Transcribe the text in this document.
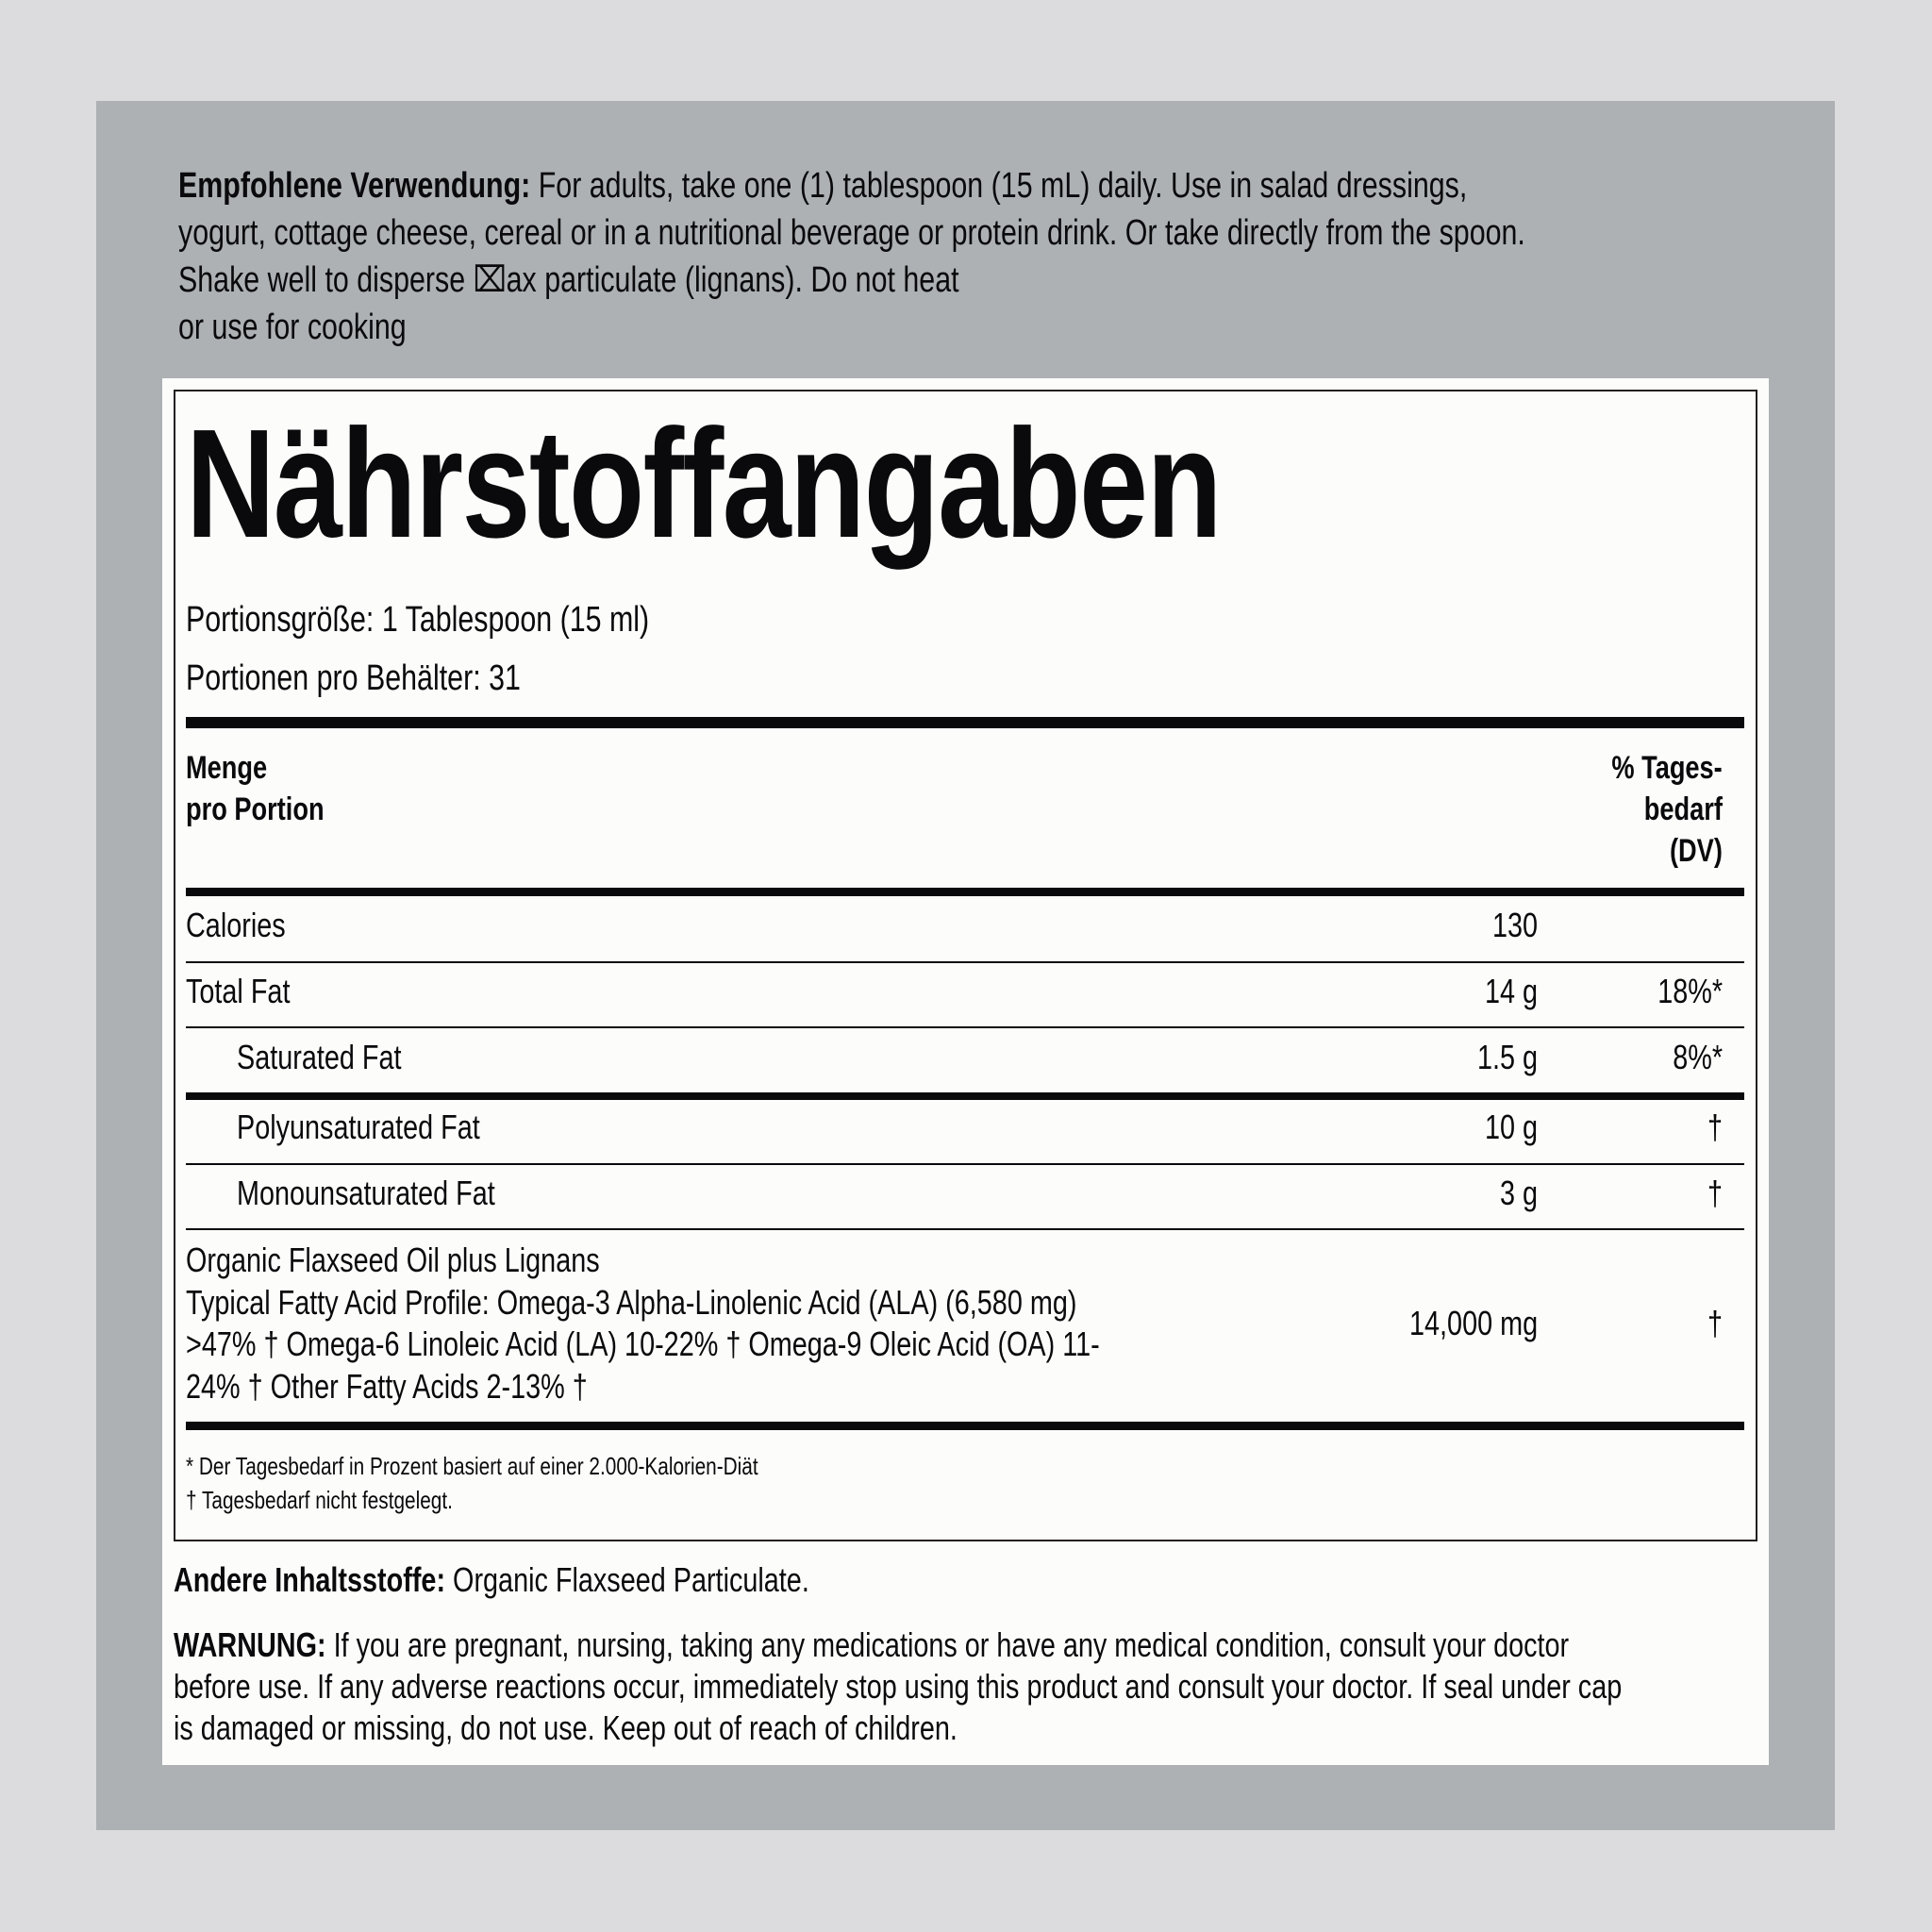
Empfohlene Verwendung: For adults, take one (1) tablespoon (15 mL) daily. Use in salad dressings,
yogurt, cottage cheese, cereal or in a nutritional beverage or protein drink. Or take directly from the spoon.
Shake well to disperse ⌧ax particulate (lignans). Do not heat
or use for cooking
Nährstoffangaben
Portionsgröße: 1 Tablespoon (15 ml)
Portionen pro Behälter: 31
Menge
pro Portion
% Tages-
bedarf
(DV)
Calories	130
Total Fat	14 g	18%*
Saturated Fat	1.5 g	8%*
Polyunsaturated Fat	10 g	†
Monounsaturated Fat	3 g	†
Organic Flaxseed Oil plus Lignans
Typical Fatty Acid Profile: Omega-3 Alpha-Linolenic Acid (ALA) (6,580 mg)
>47% † Omega-6 Linoleic Acid (LA) 10-22% † Omega-9 Oleic Acid (OA) 11-
24% † Other Fatty Acids 2-13% †
14,000 mg	†
* Der Tagesbedarf in Prozent basiert auf einer 2.000-Kalorien-Diät
† Tagesbedarf nicht festgelegt.
Andere Inhaltsstoffe: Organic Flaxseed Particulate.
WARNUNG: If you are pregnant, nursing, taking any medications or have any medical condition, consult your doctor
before use. If any adverse reactions occur, immediately stop using this product and consult your doctor. If seal under cap
is damaged or missing, do not use. Keep out of reach of children.
